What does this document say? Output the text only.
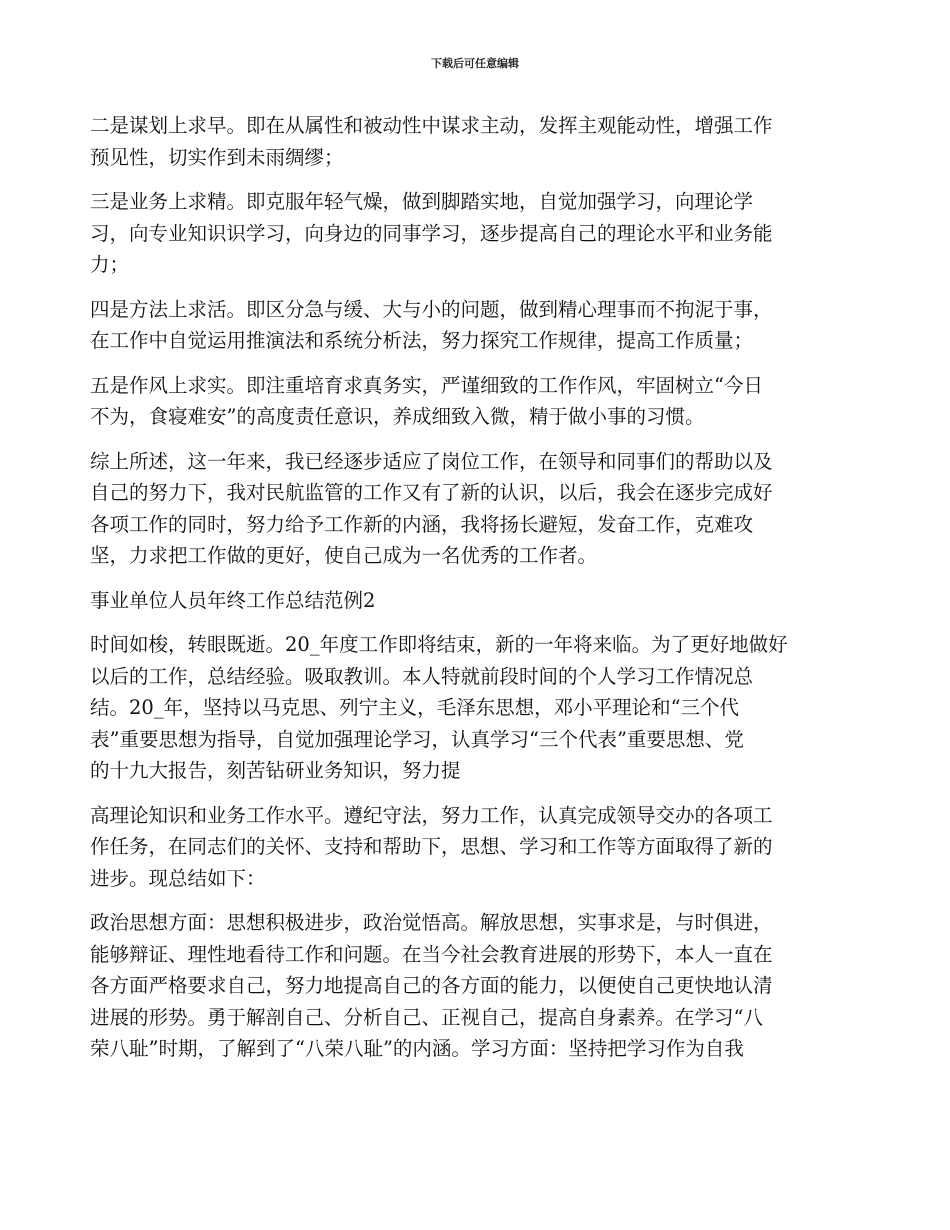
下载后可任意编辑
二是谋划上求早。即在从属性和被动性中谋求主动，发挥主观能动性，增强工作
预见性，切实作到未雨绸缪；
三是业务上求精。即克服年轻气燥，做到脚踏实地，自觉加强学习，向理论学
习，向专业知识识学习，向身边的同事学习，逐步提高自己的理论水平和业务能
力；
四是方法上求活。即区分急与缓、大与小的问题，做到精心理事而不拘泥于事，
在工作中自觉运用推演法和系统分析法，努力探究工作规律，提高工作质量；
五是作风上求实。即注重培育求真务实，严谨细致的工作作风，牢固树立“今日
不为，食寝难安”的高度责任意识，养成细致入微，精于做小事的习惯。
综上所述，这一年来，我已经逐步适应了岗位工作，在领导和同事们的帮助以及
自己的努力下，我对民航监管的工作又有了新的认识，以后，我会在逐步完成好
各项工作的同时，努力给予工作新的内涵，我将扬长避短，发奋工作，克难攻
坚，力求把工作做的更好，使自己成为一名优秀的工作者。
事业单位人员年终工作总结范例2
时间如梭，转眼既逝。20_年度工作即将结束，新的一年将来临。为了更好地做好
以后的工作，总结经验。吸取教训。本人特就前段时间的个人学习工作情况总
结。20_年，坚持以马克思、列宁主义，毛泽东思想，邓小平理论和“三个代
表”重要思想为指导，自觉加强理论学习，认真学习“三个代表”重要思想、党
的十九大报告，刻苦钻研业务知识，努力提
高理论知识和业务工作水平。遵纪守法，努力工作，认真完成领导交办的各项工
作任务，在同志们的关怀、支持和帮助下，思想、学习和工作等方面取得了新的
进步。现总结如下：
政治思想方面：思想积极进步，政治觉悟高。解放思想，实事求是，与时俱进，
能够辩证、理性地看待工作和问题。在当今社会教育进展的形势下，本人一直在
各方面严格要求自己，努力地提高自己的各方面的能力，以便使自己更快地认清
进展的形势。勇于解剖自己、分析自己、正视自己，提高自身素养。在学习“八
荣八耻”时期，了解到了“八荣八耻”的内涵。学习方面：坚持把学习作为自我
